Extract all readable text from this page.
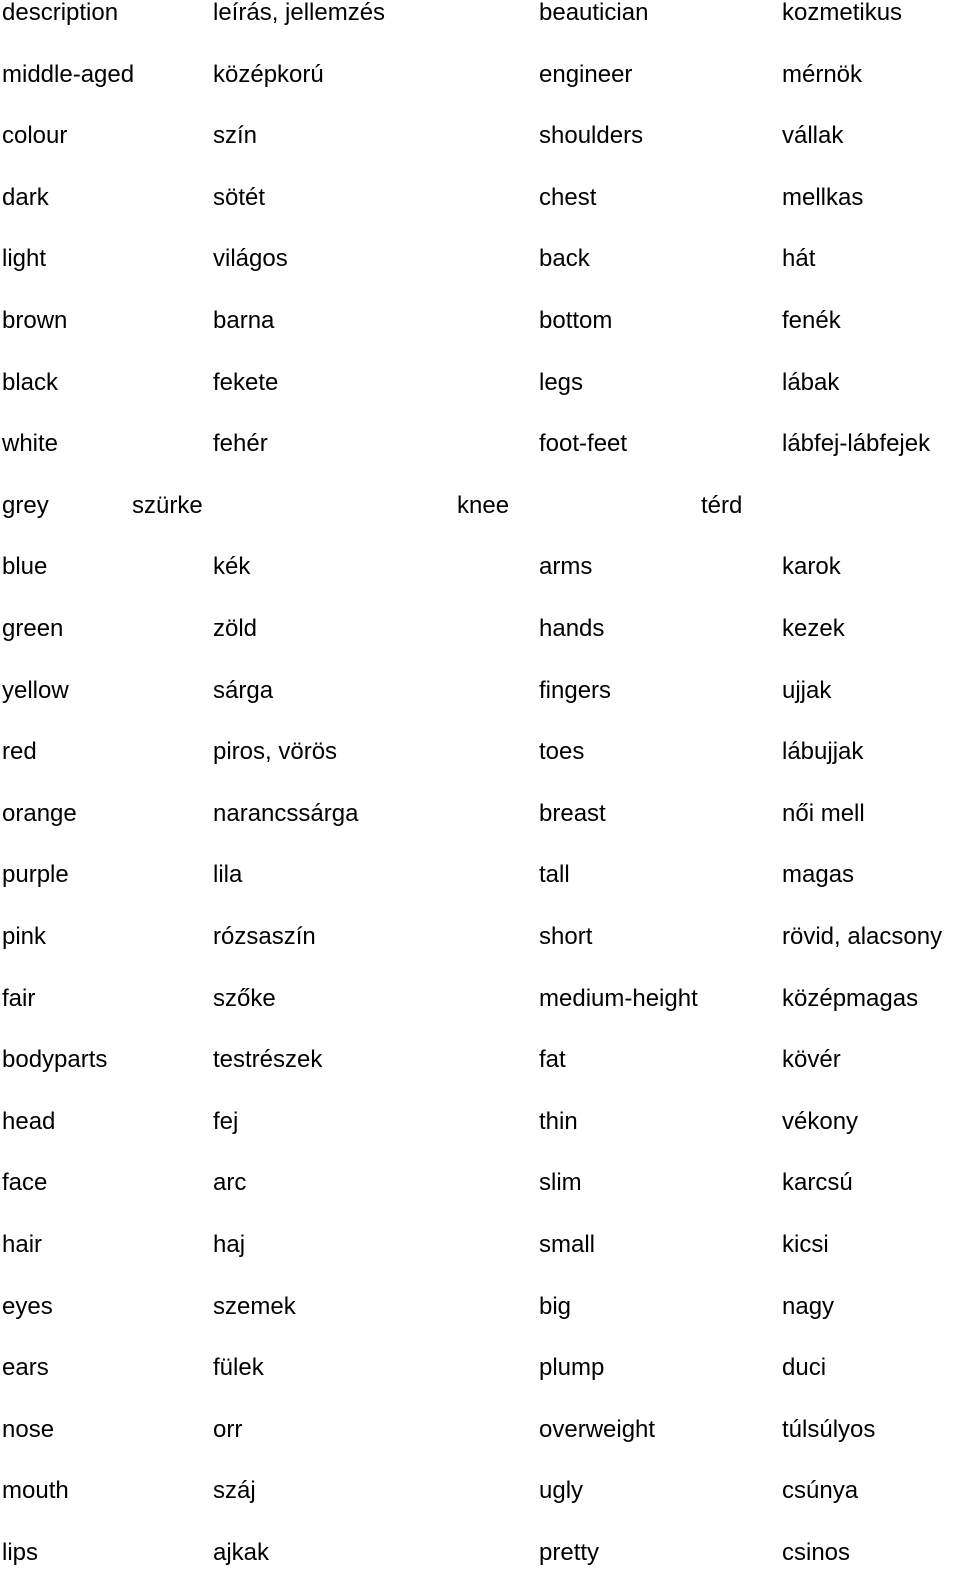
description	leírás, jellemzés	beautician	kozmetikus
middle-aged	középkorú	engineer	mérnök
colour	szín	shoulders	vállak
dark	sötét	chest	mellkas
light	világos	back	hát
brown	barna	bottom	fenék
black	fekete	legs	lábak
white	fehér	foot-feet	lábfej-lábfejek
grey	szürke	knee	térd
blue	kék	arms	karok
green	zöld	hands	kezek
yellow	sárga	fingers	ujjak
red	piros, vörös	toes	lábujjak
orange	narancssárga	breast	női mell
purple	lila	tall	magas
pink	rózsaszín	short	rövid, alacsony
fair	szőke	medium-height	középmagas
bodyparts	testrészek	fat	kövér
head	fej	thin	vékony
face	arc	slim	karcsú
hair	haj	small	kicsi
eyes	szemek	big	nagy
ears	fülek	plump	duci
nose	orr	overweight	túlsúlyos
mouth	száj	ugly	csúnya
lips	ajkak	pretty	csinos
